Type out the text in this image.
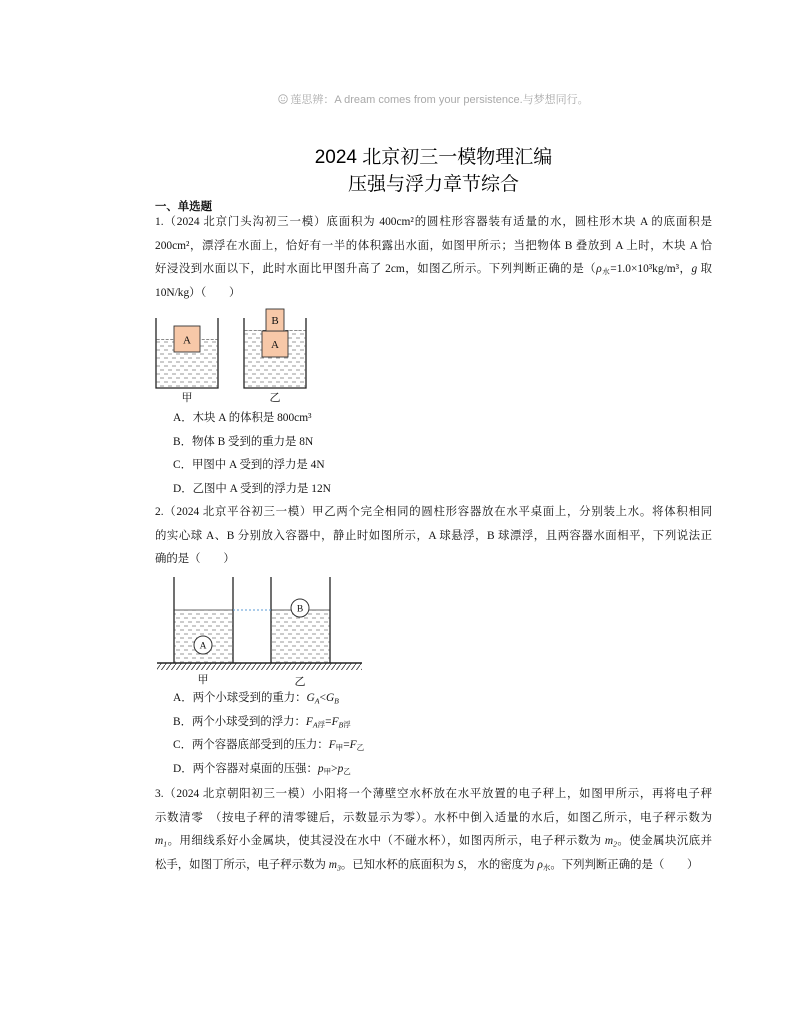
莲思辨：A dream comes from your persistence.与梦想同行。
2024 北京初三一模物理汇编
压强与浮力章节综合
一、单选题
1.（2024 北京门头沟初三一模）底面积为 400cm²的圆柱形容器装有适量的水，圆柱形木块 A 的底面积是
200cm²，漂浮在水面上，恰好有一半的体积露出水面，如图甲所示；当把物体 B 叠放到 A 上时，木块 A 恰
好浸没到水面以下，此时水面比甲图升高了 2cm，如图乙所示。下列判断正确的是（ρ水=1.0×10³kg/m³，g 取
10N/kg）（　　）
A
甲
B
A
乙
A．木块 A 的体积是 800cm³
B．物体 B 受到的重力是 8N
C．甲图中 A 受到的浮力是 4N
D．乙图中 A 受到的浮力是 12N
2.（2024 北京平谷初三一模）甲乙两个完全相同的圆柱形容器放在水平桌面上，分别装上水。将体积相同
的实心球 A、B 分别放入容器中，静止时如图所示，A 球悬浮，B 球漂浮，且两容器水面相平，下列说法正
确的是（　　）
A
B
甲	乙
A．两个小球受到的重力：$G_A<G_B$
B．两个小球受到的浮力：$F_A$浮$=F_B$浮
C．两个容器底部受到的压力：F甲=F乙
D．两个容器对桌面的压强：p甲>p乙
3.（2024 北京朝阳初三一模）小阳将一个薄壁空水杯放在水平放置的电子秤上，如图甲所示，再将电子秤
示数清零　（按电子秤的清零键后，示数显示为零）。水杯中倒入适量的水后，如图乙所示，电子秤示数为
$m_1$。用细线系好小金属块，使其浸没在水中（不碰水杯），如图丙所示，电子秤示数为 $m_2$。使金属块沉底并
松手，如图丁所示，电子秤示数为 $m_3$。已知水杯的底面积为 S， 水的密度为 ρ水。下列判断正确的是（　　）
